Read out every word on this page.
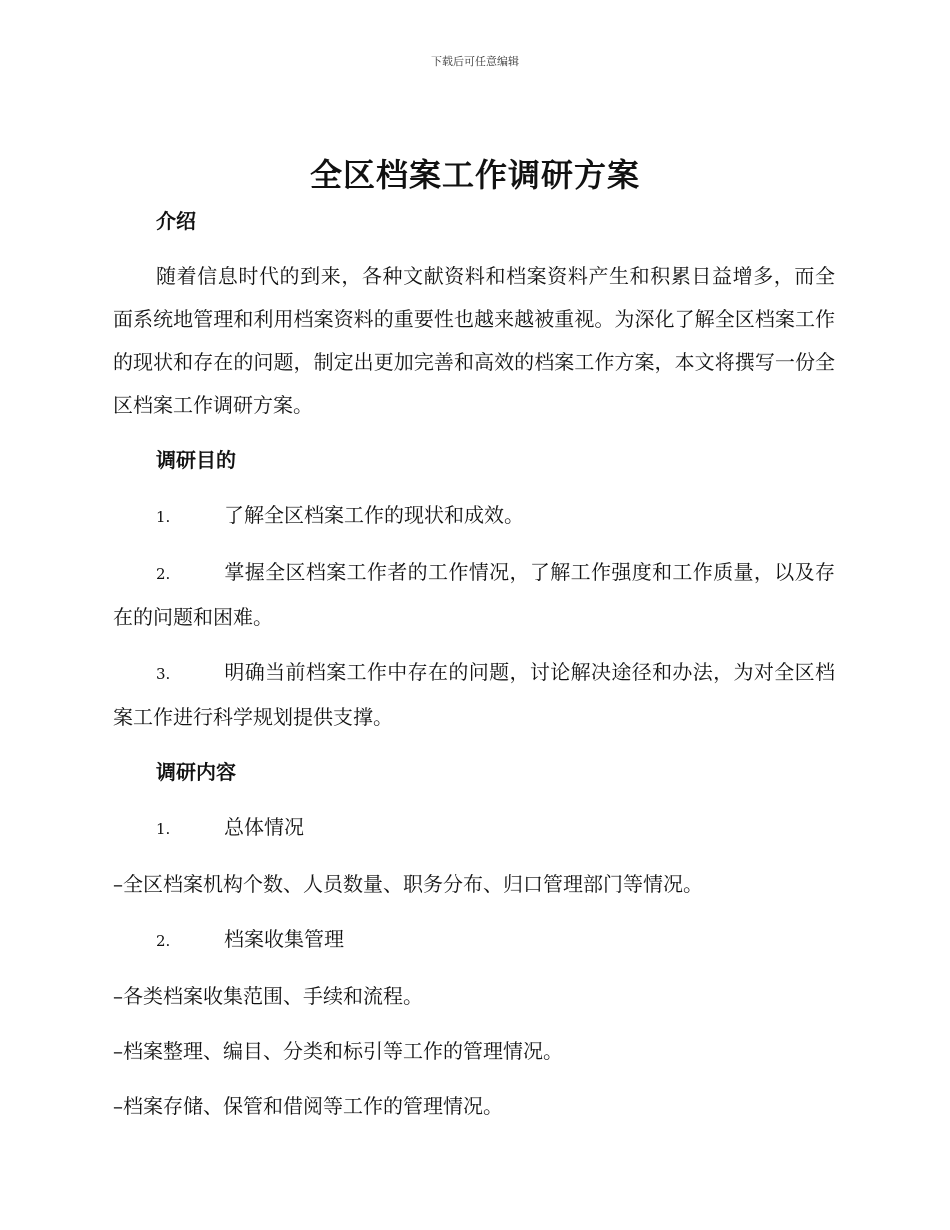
下载后可任意编辑
全区档案工作调研方案

介绍

随着信息时代的到来，各种文献资料和档案资料产生和积累日益增多，而全面系统地管理和利用档案资料的重要性也越来越被重视。为深化了解全区档案工作的现状和存在的问题，制定出更加完善和高效的档案工作方案，本文将撰写一份全区档案工作调研方案。

调研目的

1.	了解全区档案工作的现状和成效。

2.	掌握全区档案工作者的工作情况，了解工作强度和工作质量，以及存在的问题和困难。

3.	明确当前档案工作中存在的问题，讨论解决途径和办法，为对全区档案工作进行科学规划提供支撑。

调研内容

1.	总体情况

–全区档案机构个数、人员数量、职务分布、归口管理部门等情况。

2.	档案收集管理

–各类档案收集范围、手续和流程。

–档案整理、编目、分类和标引等工作的管理情况。

–档案存储、保管和借阅等工作的管理情况。
